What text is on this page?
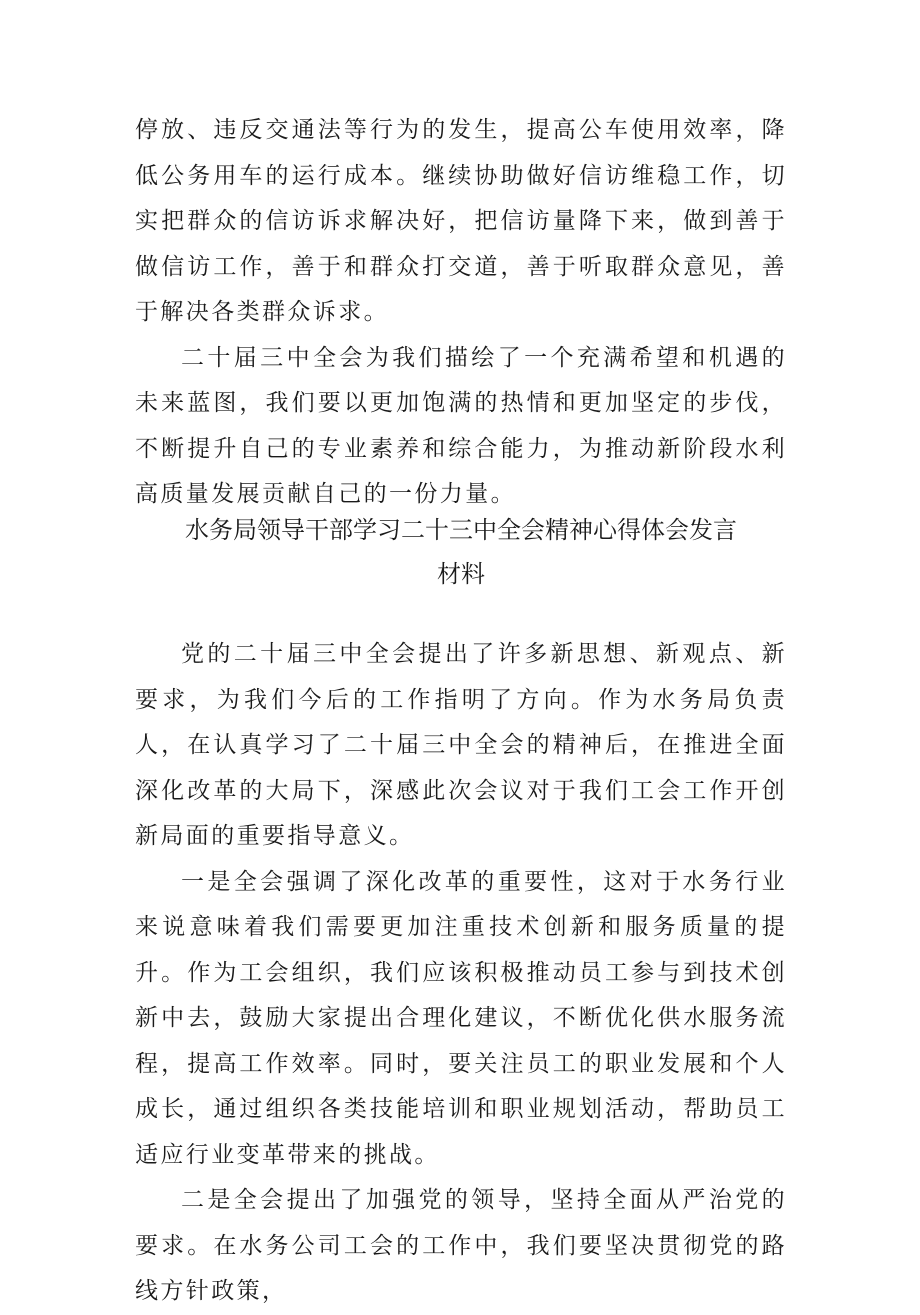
停放、违反交通法等行为的发生，提高公车使用效率，降低公务用车的运行成本。继续协助做好信访维稳工作，切实把群众的信访诉求解决好，把信访量降下来，做到善于做信访工作，善于和群众打交道，善于听取群众意见，善于解决各类群众诉求。

二十届三中全会为我们描绘了一个充满希望和机遇的未来蓝图，我们要以更加饱满的热情和更加坚定的步伐，不断提升自己的专业素养和综合能力，为推动新阶段水利高质量发展贡献自己的一份力量。

水务局领导干部学习二十三中全会精神心得体会发言
材料

党的二十届三中全会提出了许多新思想、新观点、新要求，为我们今后的工作指明了方向。作为水务局负责人，在认真学习了二十届三中全会的精神后，在推进全面深化改革的大局下，深感此次会议对于我们工会工作开创新局面的重要指导意义。

一是全会强调了深化改革的重要性，这对于水务行业来说意味着我们需要更加注重技术创新和服务质量的提升。作为工会组织，我们应该积极推动员工参与到技术创新中去，鼓励大家提出合理化建议，不断优化供水服务流程，提高工作效率。同时，要关注员工的职业发展和个人成长，通过组织各类技能培训和职业规划活动，帮助员工适应行业变革带来的挑战。

二是全会提出了加强党的领导，坚持全面从严治党的要求。在水务公司工会的工作中，我们要坚决贯彻党的路线方针政策，
